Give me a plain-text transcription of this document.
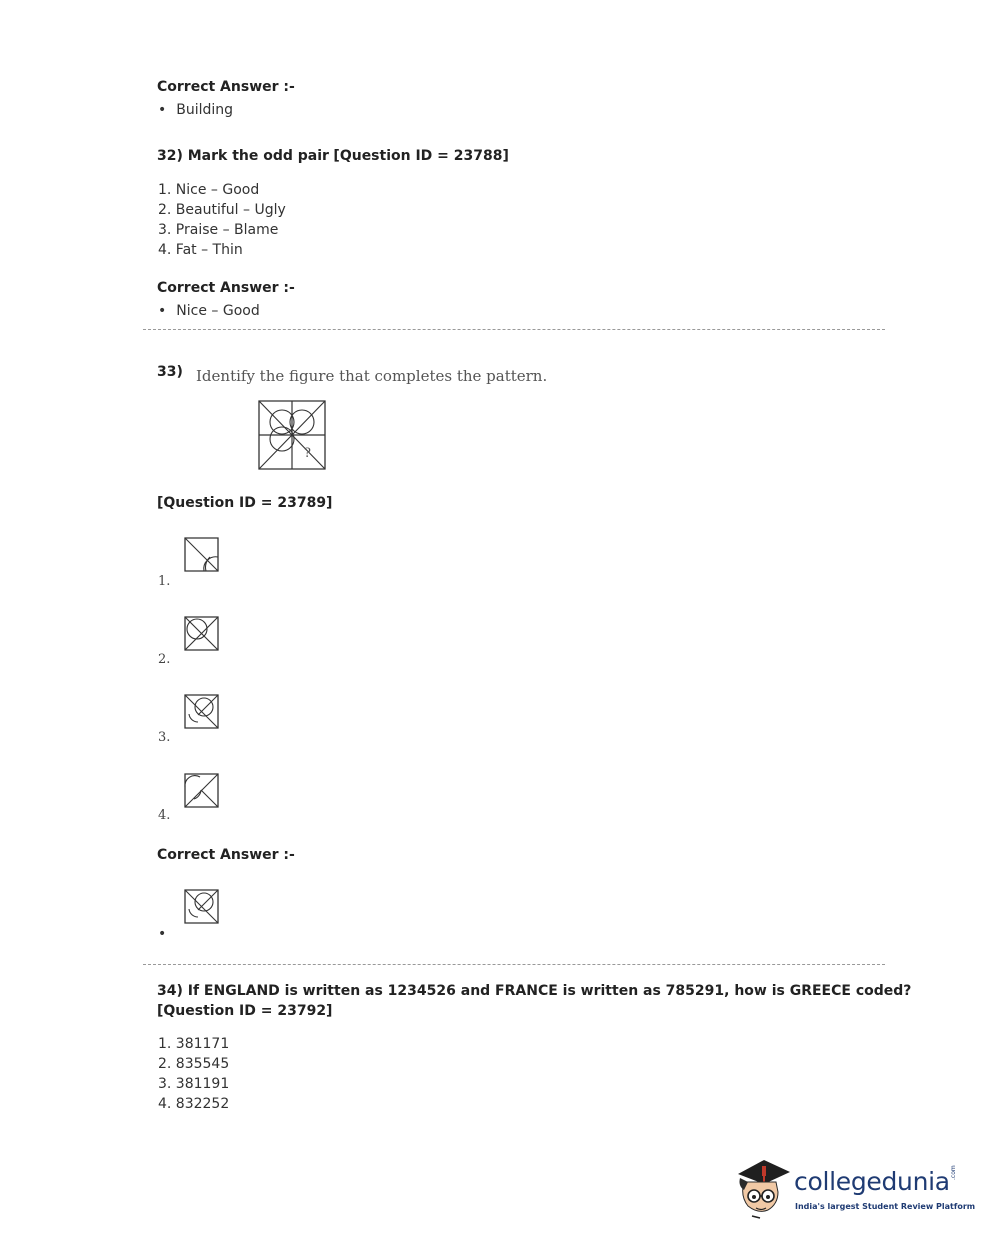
Correct Answer :-
• Building
32) Mark the odd pair [Question ID = 23788]
1. Nice – Good
2. Beautiful – Ugly
3. Praise – Blame
4. Fat – Thin
Correct Answer :-
• Nice – Good
33) Identify the figure that completes the pattern.
?
[Question ID = 23789]
1.
2.
3.
4.
Correct Answer :-
•
34) If ENGLAND is written as 1234526 and FRANCE is written as 785291, how is GREECE coded?
[Question ID = 23792]
1. 381171
2. 835545
3. 381191
4. 832252
collegedunia .com
India's largest Student Review Platform
